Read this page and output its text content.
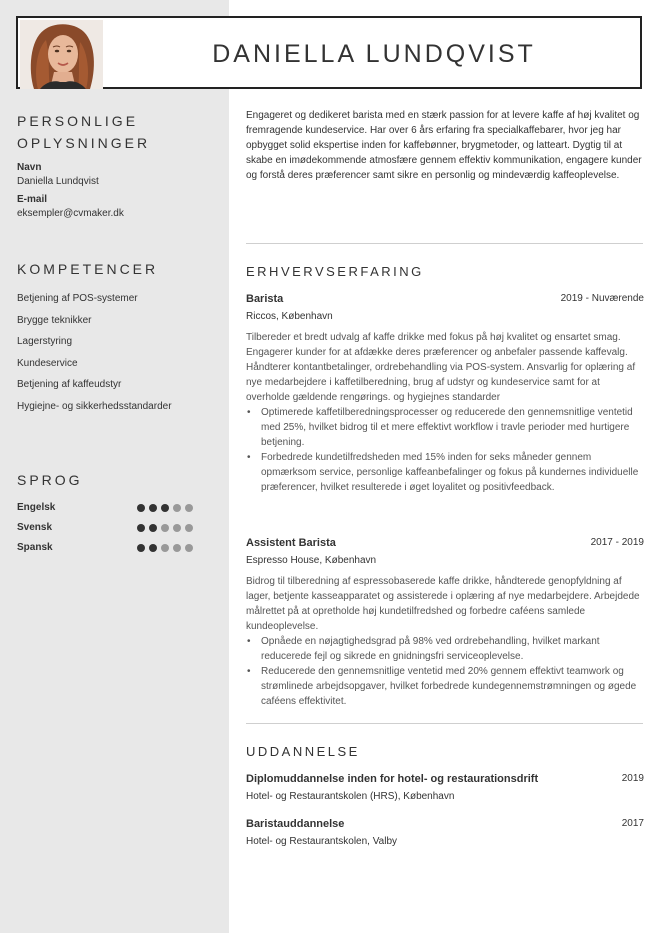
DANIELLA LUNDQVIST
PERSONLIGE
OPLYSNINGER
Navn
Daniella Lundqvist
E-mail
eksempler@cvmaker.dk
KOMPETENCER
Betjening af POS-systemer
Brygge teknikker
Lagerstyring
Kundeservice
Betjening af kaffeudstyr
Hygiejne- og sikkerhedsstandarder
SPROG
Engelsk
Svensk
Spansk

Engageret og dedikeret barista med en stærk passion for at levere kaffe af høj kvalitet og fremragende kundeservice. Har over 6 års erfaring fra specialkaffebarer, hvor jeg har opbygget solid ekspertise inden for kaffebønner, brygmetoder, og latteart. Dygtig til at skabe en imødekommende atmosfære gennem effektiv kommunikation, engagere kunder og forstå deres præferencer samt sikre en personlig og mindeværdig kaffeoplevelse.

ERHVERVSERFARING
Barista	2019 - Nuværende
Riccos, København

Tilbereder et bredt udvalg af kaffe drikke med fokus på høj kvalitet og ensartet smag. Engagerer kunder for at afdække deres præferencer og anbefaler passende kaffevalg. Håndterer kontantbetalinger, ordrebehandling via POS-system. Ansvarlig for oplæring af nye medarbejdere i kaffetilberedning, brug af udstyr og kundeservice samt for at overholde gældende rengørings. og hygiejnes standarder

• Optimerede kaffetilberedningsprocesser og reducerede den gennemsnitlige ventetid med 25%, hvilket bidrog til et mere effektivt workflow i travle perioder med hurtigere betjening.
• Forbedrede kundetilfredsheden med 15% inden for seks måneder gennem opmærksom service, personlige kaffeanbefalinger og fokus på kundernes individuelle præferencer, hvilket resulterede i øget loyalitet og positivfeedback.
Assistent Barista	2017 - 2019
Espresso House, København

Bidrog til tilberedning af espressobaserede kaffe drikke, håndterede genopfyldning af lager, betjente kasseapparatet og assisterede i oplæring af nye medarbejdere. Arbejdede målrettet på at opretholde høj kundetilfredshed og forbedre caféens samlede kundeoplevelse.

• Opnåede en nøjagtighedsgrad på 98% ved ordrebehandling, hvilket markant reducerede fejl og sikrede en gnidningsfri serviceoplevelse.
• Reducerede den gennemsnitlige ventetid med 20% gennem effektivt teamwork og strømlinede arbejdsopgaver, hvilket forbedrede kundegennemstrømningen og øgede caféens effektivitet.
UDDANNELSE
Diplomuddannelse inden for hotel- og restaurationsdrift	2019
Hotel- og Restaurantskolen (HRS), København
Baristauddannelse	2017
Hotel- og Restaurantskolen, Valby
